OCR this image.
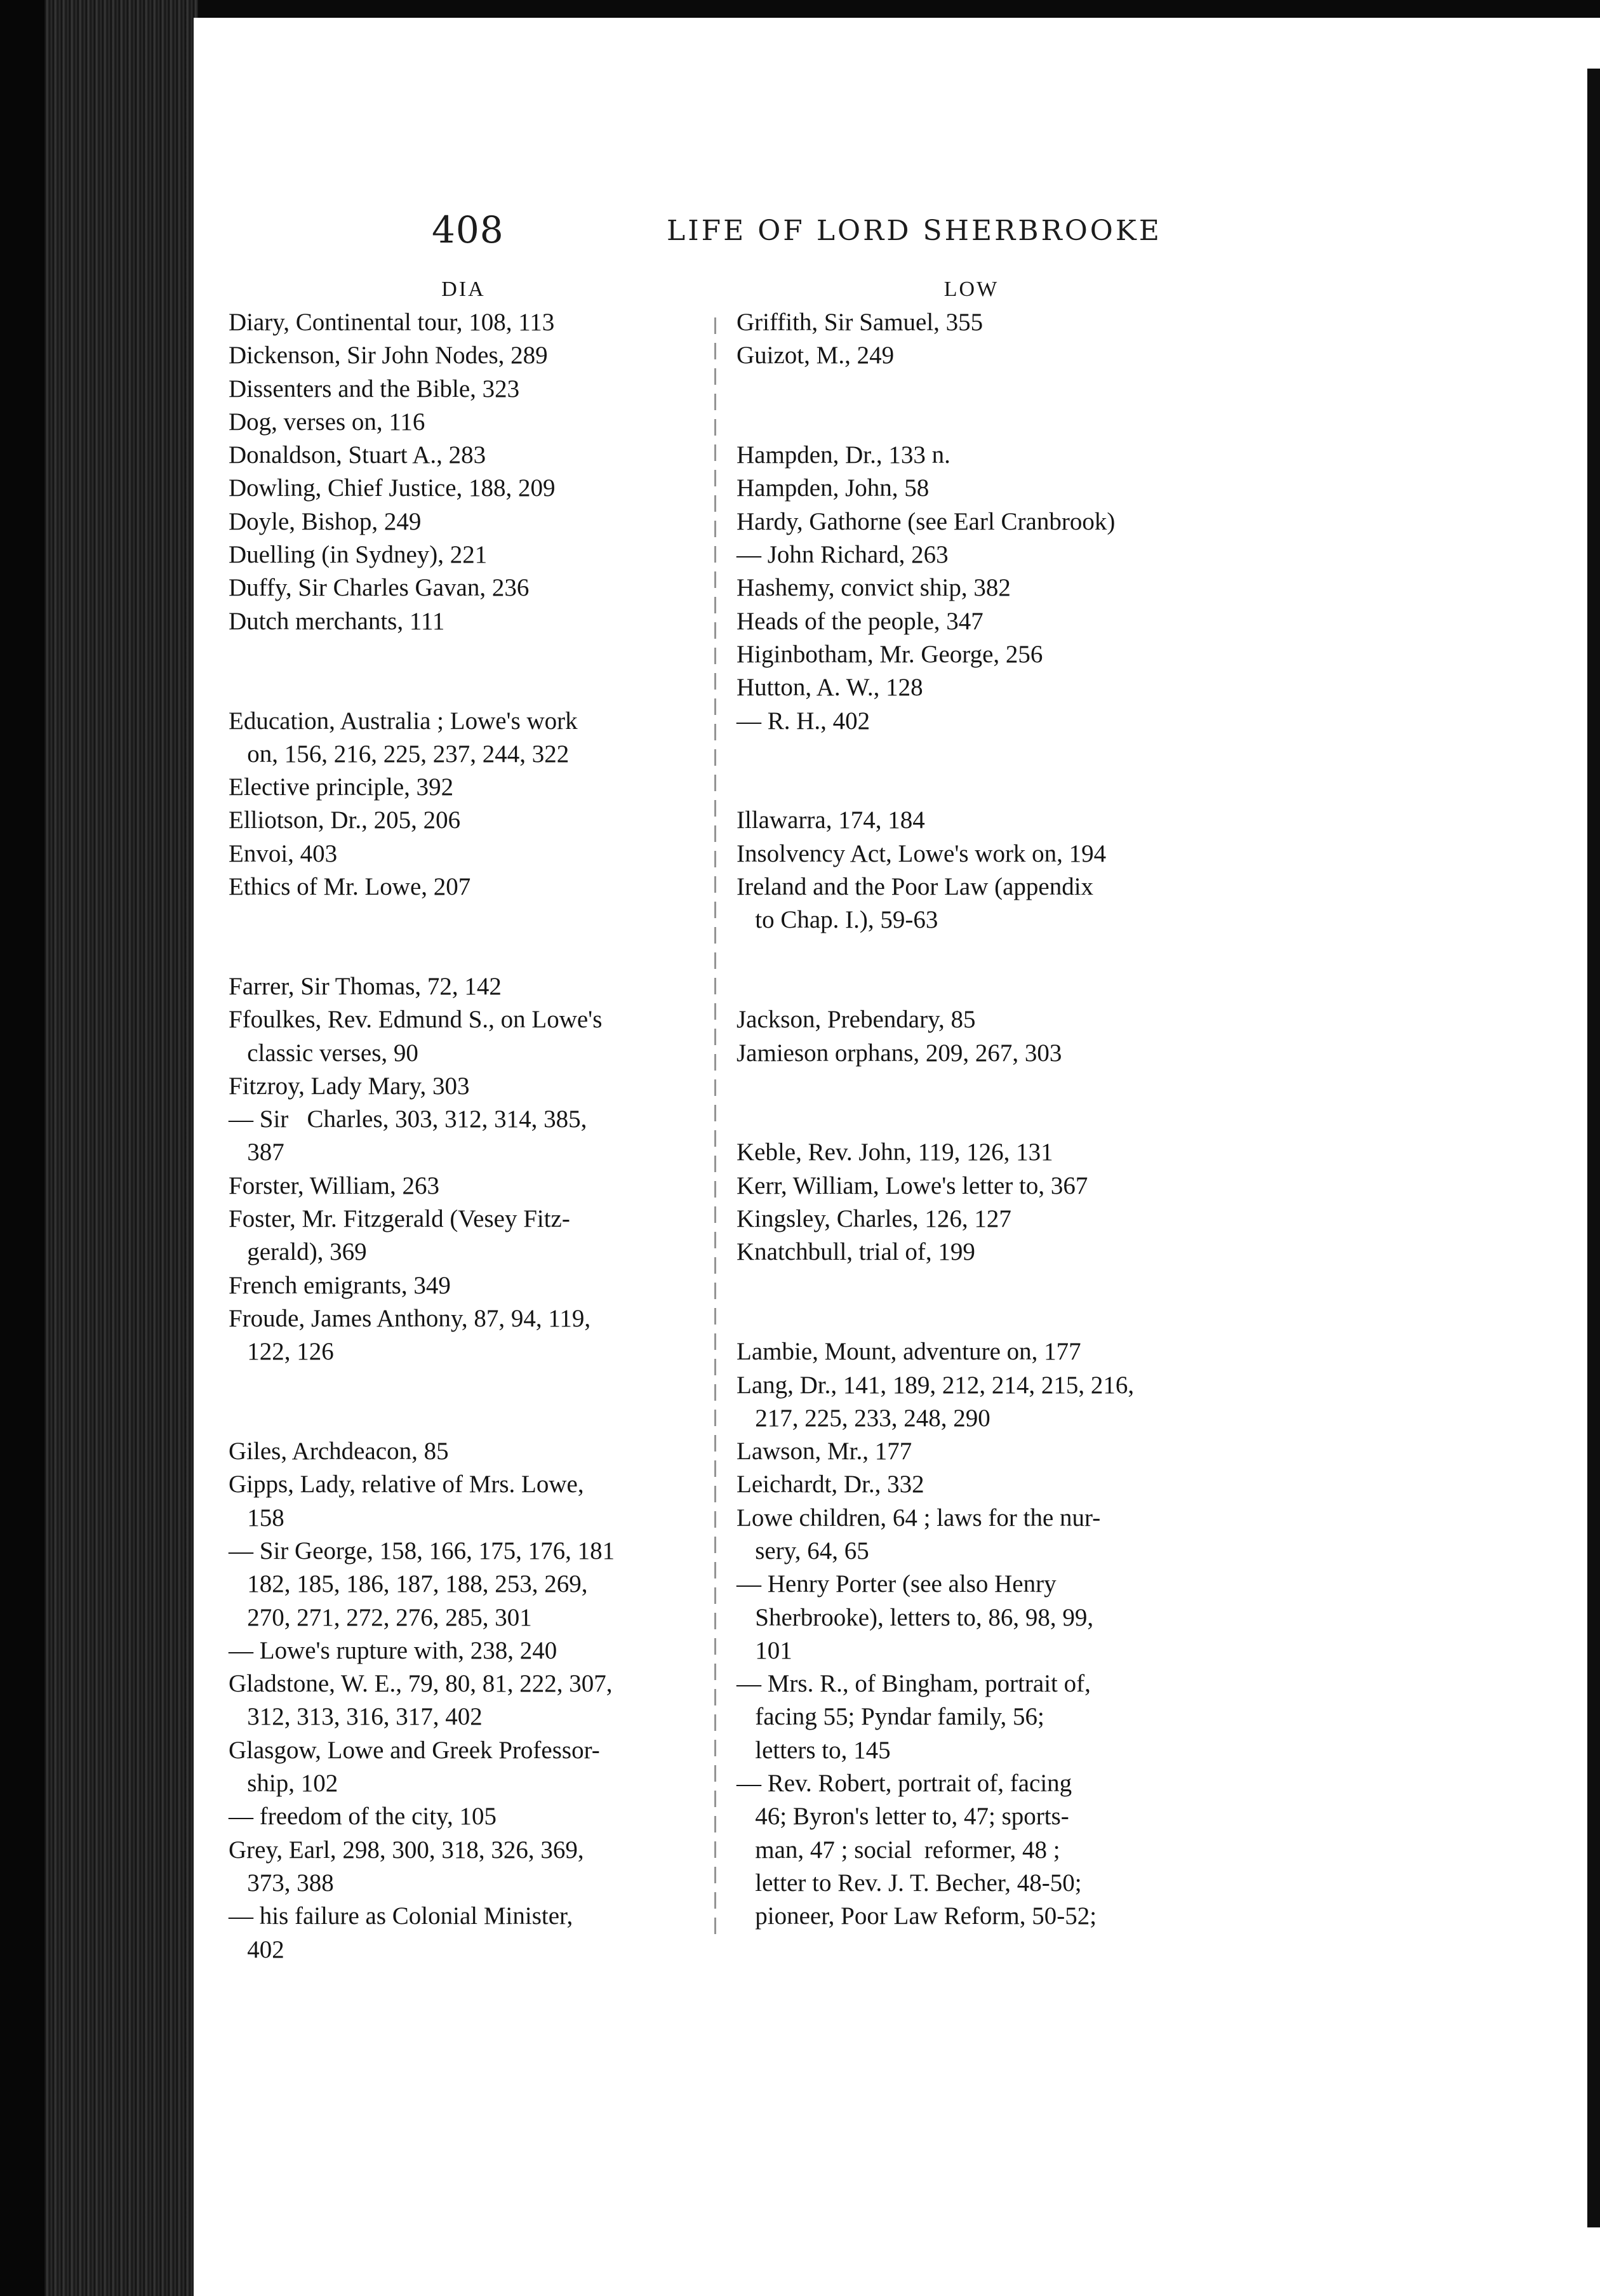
408	LIFE OF LORD SHERBROOKE
DIA
Diary, Continental tour, 108, 113
Dickenson, Sir John Nodes, 289
Dissenters and the Bible, 323
Dog, verses on, 116
Donaldson, Stuart A., 283
Dowling, Chief Justice, 188, 209
Doyle, Bishop, 249
Duelling (in Sydney), 221
Duffy, Sir Charles Gavan, 236
Dutch merchants, 111
Education, Australia ; Lowe's work
on, 156, 216, 225, 237, 244, 322
Elective principle, 392
Elliotson, Dr., 205, 206
Envoi, 403
Ethics of Mr. Lowe, 207
Farrer, Sir Thomas, 72, 142
Ffoulkes, Rev. Edmund S., on Lowe's
classic verses, 90
Fitzroy, Lady Mary, 303
— Sir   Charles, 303, 312, 314, 385,
387
Forster, William, 263
Foster, Mr. Fitzgerald (Vesey Fitz-
gerald), 369
French emigrants, 349
Froude, James Anthony, 87, 94, 119,
122, 126
Giles, Archdeacon, 85
Gipps, Lady, relative of Mrs. Lowe,
158
— Sir George, 158, 166, 175, 176, 181
182, 185, 186, 187, 188, 253, 269,
270, 271, 272, 276, 285, 301
— Lowe's rupture with, 238, 240
Gladstone, W. E., 79, 80, 81, 222, 307,
312, 313, 316, 317, 402
Glasgow, Lowe and Greek Professor-
ship, 102
— freedom of the city, 105
Grey, Earl, 298, 300, 318, 326, 369,
373, 388
— his failure as Colonial Minister,
402
LOW
Griffith, Sir Samuel, 355
Guizot, M., 249
Hampden, Dr., 133 n.
Hampden, John, 58
Hardy, Gathorne (see Earl Cranbrook)
— John Richard, 263
Hashemy, convict ship, 382
Heads of the people, 347
Higinbotham, Mr. George, 256
Hutton, A. W., 128
— R. H., 402
Illawarra, 174, 184
Insolvency Act, Lowe's work on, 194
Ireland and the Poor Law (appendix
to Chap. I.), 59-63
Jackson, Prebendary, 85
Jamieson orphans, 209, 267, 303
Keble, Rev. John, 119, 126, 131
Kerr, William, Lowe's letter to, 367
Kingsley, Charles, 126, 127
Knatchbull, trial of, 199
Lambie, Mount, adventure on, 177
Lang, Dr., 141, 189, 212, 214, 215, 216,
217, 225, 233, 248, 290
Lawson, Mr., 177
Leichardt, Dr., 332
Lowe children, 64 ; laws for the nur-
sery, 64, 65
— Henry Porter (see also Henry
Sherbrooke), letters to, 86, 98, 99,
101
— Mrs. R., of Bingham, portrait of,
facing 55; Pyndar family, 56;
letters to, 145
— Rev. Robert, portrait of, facing
46; Byron's letter to, 47; sports-
man, 47 ; social  reformer, 48 ;
letter to Rev. J. T. Becher, 48-50;
pioneer, Poor Law Reform, 50-52;
